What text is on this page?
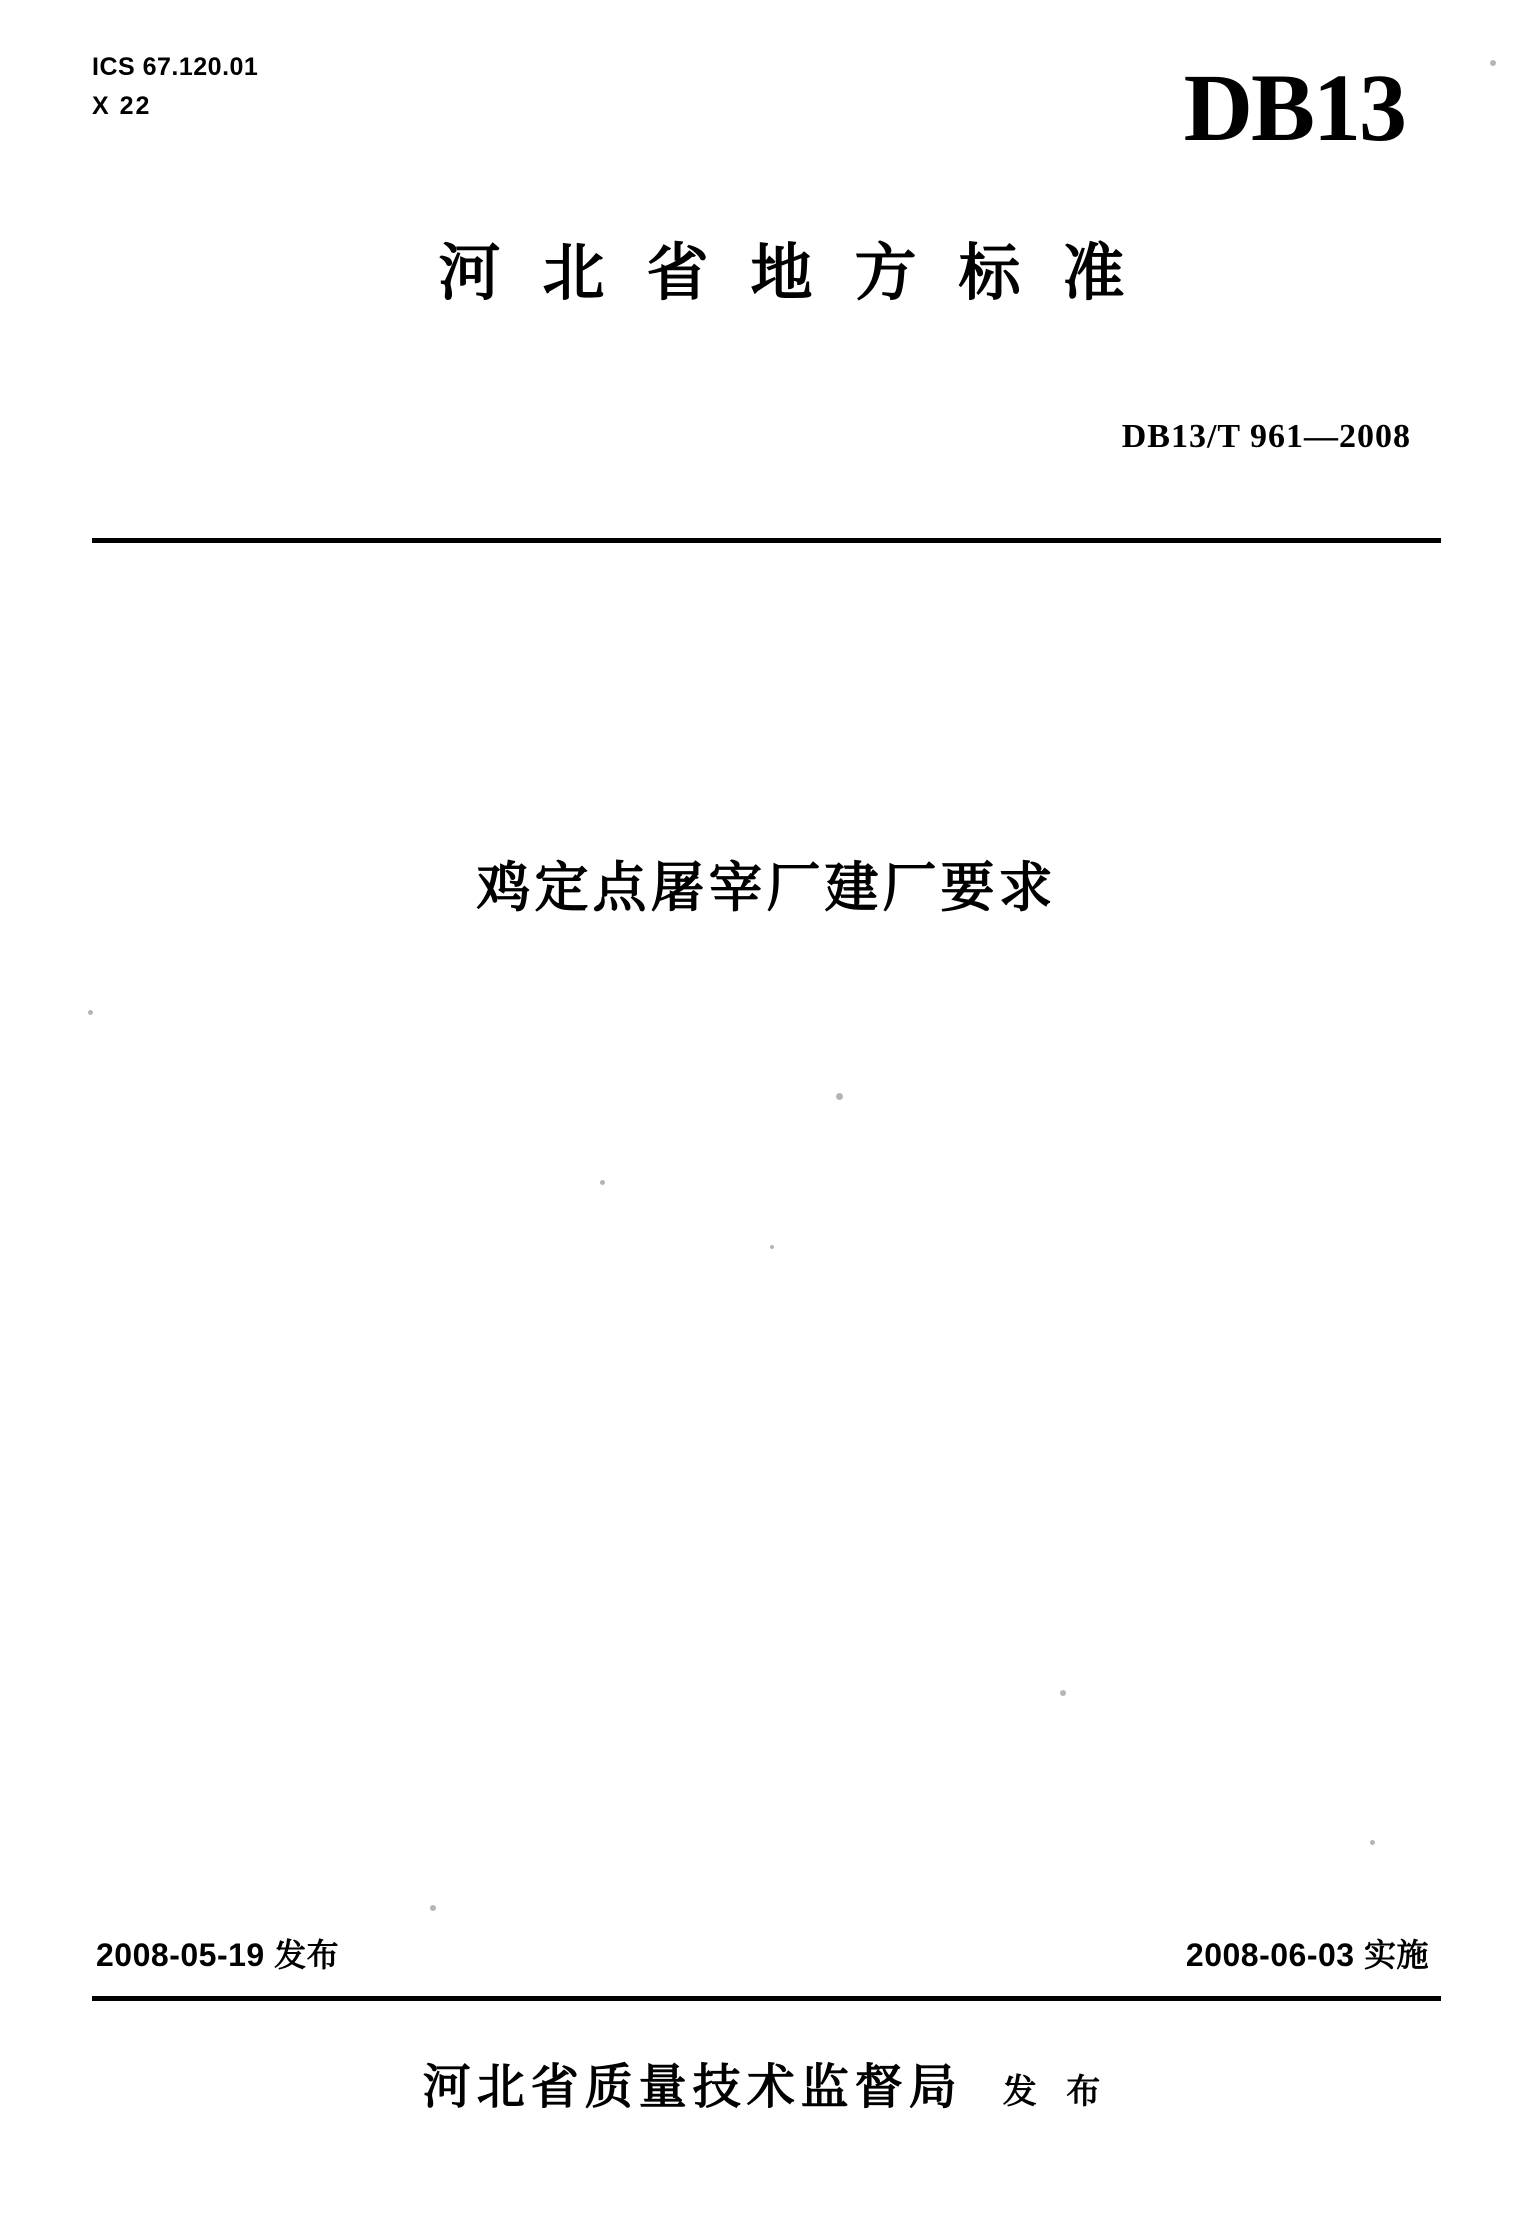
ICS 67.120.01
X 22	DB13
河北省地方标准
DB13/T 961—2008
鸡定点屠宰厂建厂要求
2008-05-19 发布	2008-06-03 实施
河北省质量技术监督局 发 布
